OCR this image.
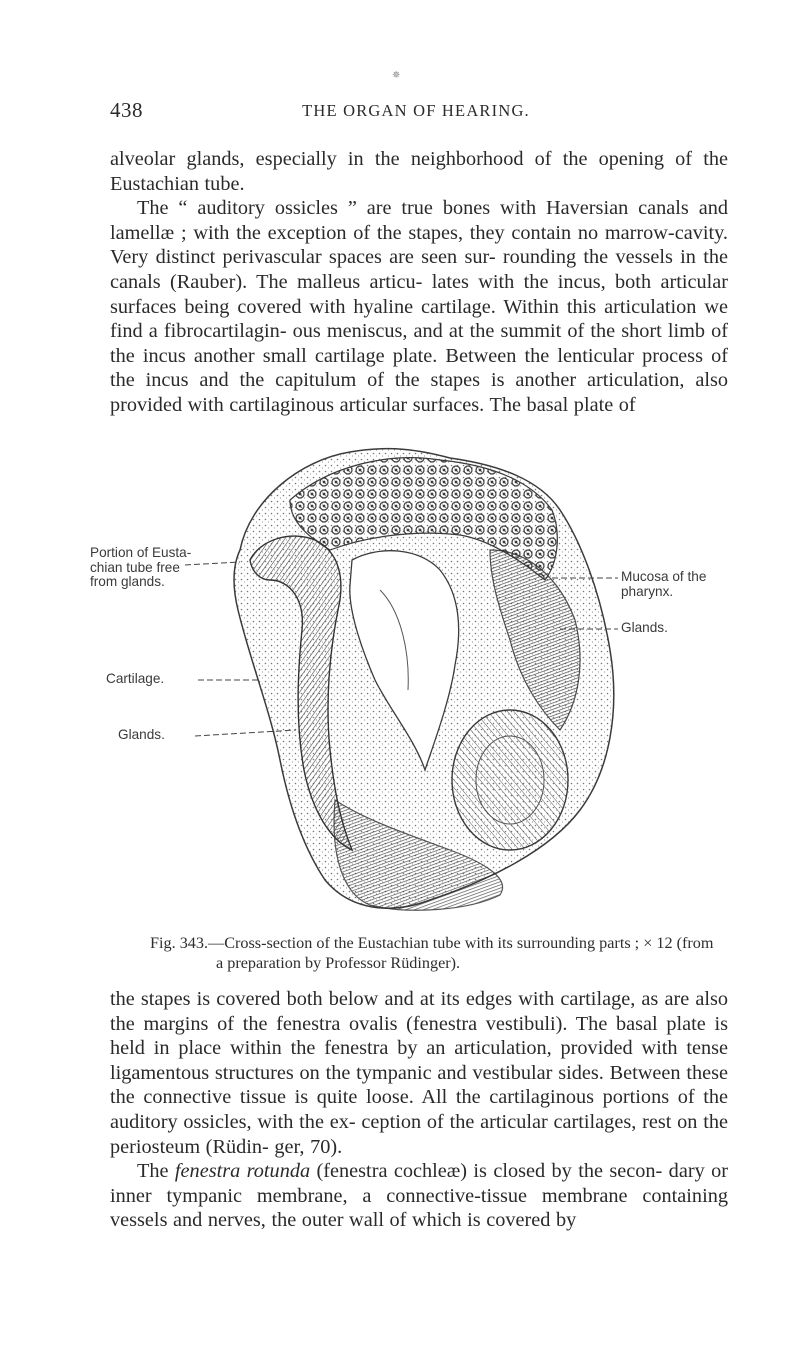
✵
438	THE ORGAN OF HEARING.

alveolar glands, especially in the neighborhood of the opening of the Eustachian tube.

The “ auditory ossicles ” are true bones with Haversian canals and lamellæ ; with the exception of the stapes, they contain no marrow-cavity. Very distinct perivascular spaces are seen sur- rounding the vessels in the canals (Rauber). The malleus articu- lates with the incus, both articular surfaces being covered with hyaline cartilage. Within this articulation we find a fibrocartilagin- ous meniscus, and at the summit of the short limb of the incus another small cartilage plate. Between the lenticular process of the incus and the capitulum of the stapes is another articulation, also provided with cartilaginous articular surfaces. The basal plate of

Portion of Eusta-
chian tube free
from glands.
Cartilage.
Glands.
Mucosa of the
pharynx.
Glands.
Fig. 343.—Cross-section of the Eustachian tube with its surrounding parts ; × 12 (from
a preparation by Professor Rüdinger).

the stapes is covered both below and at its edges with cartilage, as are also the margins of the fenestra ovalis (fenestra vestibuli). The basal plate is held in place within the fenestra by an articulation, provided with tense ligamentous structures on the tympanic and vestibular sides. Between these the connective tissue is quite loose. All the cartilaginous portions of the auditory ossicles, with the ex- ception of the articular cartilages, rest on the periosteum (Rüdin- ger, 70).

The fenestra rotunda (fenestra cochleæ) is closed by the secon- dary or inner tympanic membrane, a connective-tissue membrane containing vessels and nerves, the outer wall of which is covered by
